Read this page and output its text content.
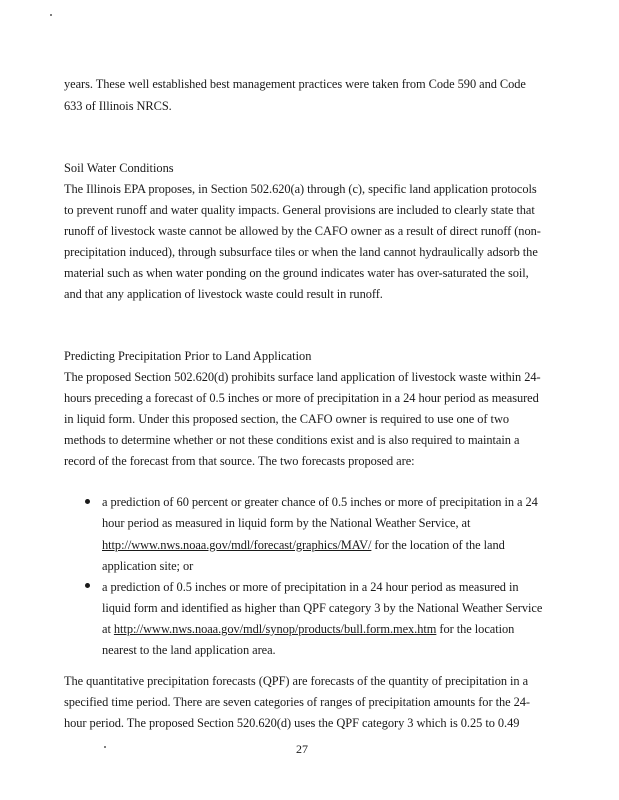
years. These well established best management practices were taken from Code 590 and Code
633 of Illinois NRCS.
Soil Water Conditions
The Illinois EPA proposes, in Section 502.620(a) through (c), specific land application protocols
to prevent runoff and water quality impacts. General provisions are included to clearly state that
runoff of livestock waste cannot be allowed by the CAFO owner as a result of direct runoff (non-
precipitation induced), through subsurface tiles or when the land cannot hydraulically adsorb the
material such as when water ponding on the ground indicates water has over-saturated the soil,
and that any application of livestock waste could result in runoff.
Predicting Precipitation Prior to Land Application
The proposed Section 502.620(d) prohibits surface land application of livestock waste within 24-
hours preceding a forecast of 0.5 inches or more of precipitation in a 24 hour period as measured
in liquid form. Under this proposed section, the CAFO owner is required to use one of two
methods to determine whether or not these conditions exist and is also required to maintain a
record of the forecast from that source. The two forecasts proposed are:
a prediction of 60 percent or greater chance of 0.5 inches or more of precipitation in a 24
hour period as measured in liquid form by the National Weather Service, at
http://www.nws.noaa.gov/mdl/forecast/graphics/MAV/ for the location of the land
application site; or
a prediction of 0.5 inches or more of precipitation in a 24 hour period as measured in
liquid form and identified as higher than QPF category 3 by the National Weather Service
at http://www.nws.noaa.gov/mdl/synop/products/bull.form.mex.htm for the location
nearest to the land application area.
The quantitative precipitation forecasts (QPF) are forecasts of the quantity of precipitation in a
specified time period. There are seven categories of ranges of precipitation amounts for the 24-
hour period. The proposed Section 520.620(d) uses the QPF category 3 which is 0.25 to 0.49
27
